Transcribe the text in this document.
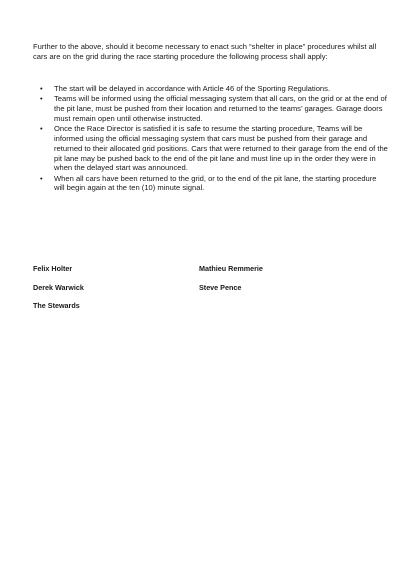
Further to the above, should it become necessary to enact such “shelter in place” procedures whilst all cars are on the grid during the race starting procedure the following process shall apply:

• The start will be delayed in accordance with Article 46 of the Sporting Regulations.
• Teams will be informed using the official messaging system that all cars, on the grid or at the end of the pit lane, must be pushed from their location and returned to the teams’ garages. Garage doors must remain open until otherwise instructed.
• Once the Race Director is satisfied it is safe to resume the starting procedure, Teams will be informed using the official messaging system that cars must be pushed from their garage and returned to their allocated grid positions. Cars that were returned to their garage from the end of the pit lane may be pushed back to the end of the pit lane and must line up in the order they were in when the delayed start was announced.
• When all cars have been returned to the grid, or to the end of the pit lane, the starting procedure will begin again at the ten (10) minute signal.
Felix Holter	Mathieu Remmerie
Derek Warwick	Steve Pence
The Stewards
